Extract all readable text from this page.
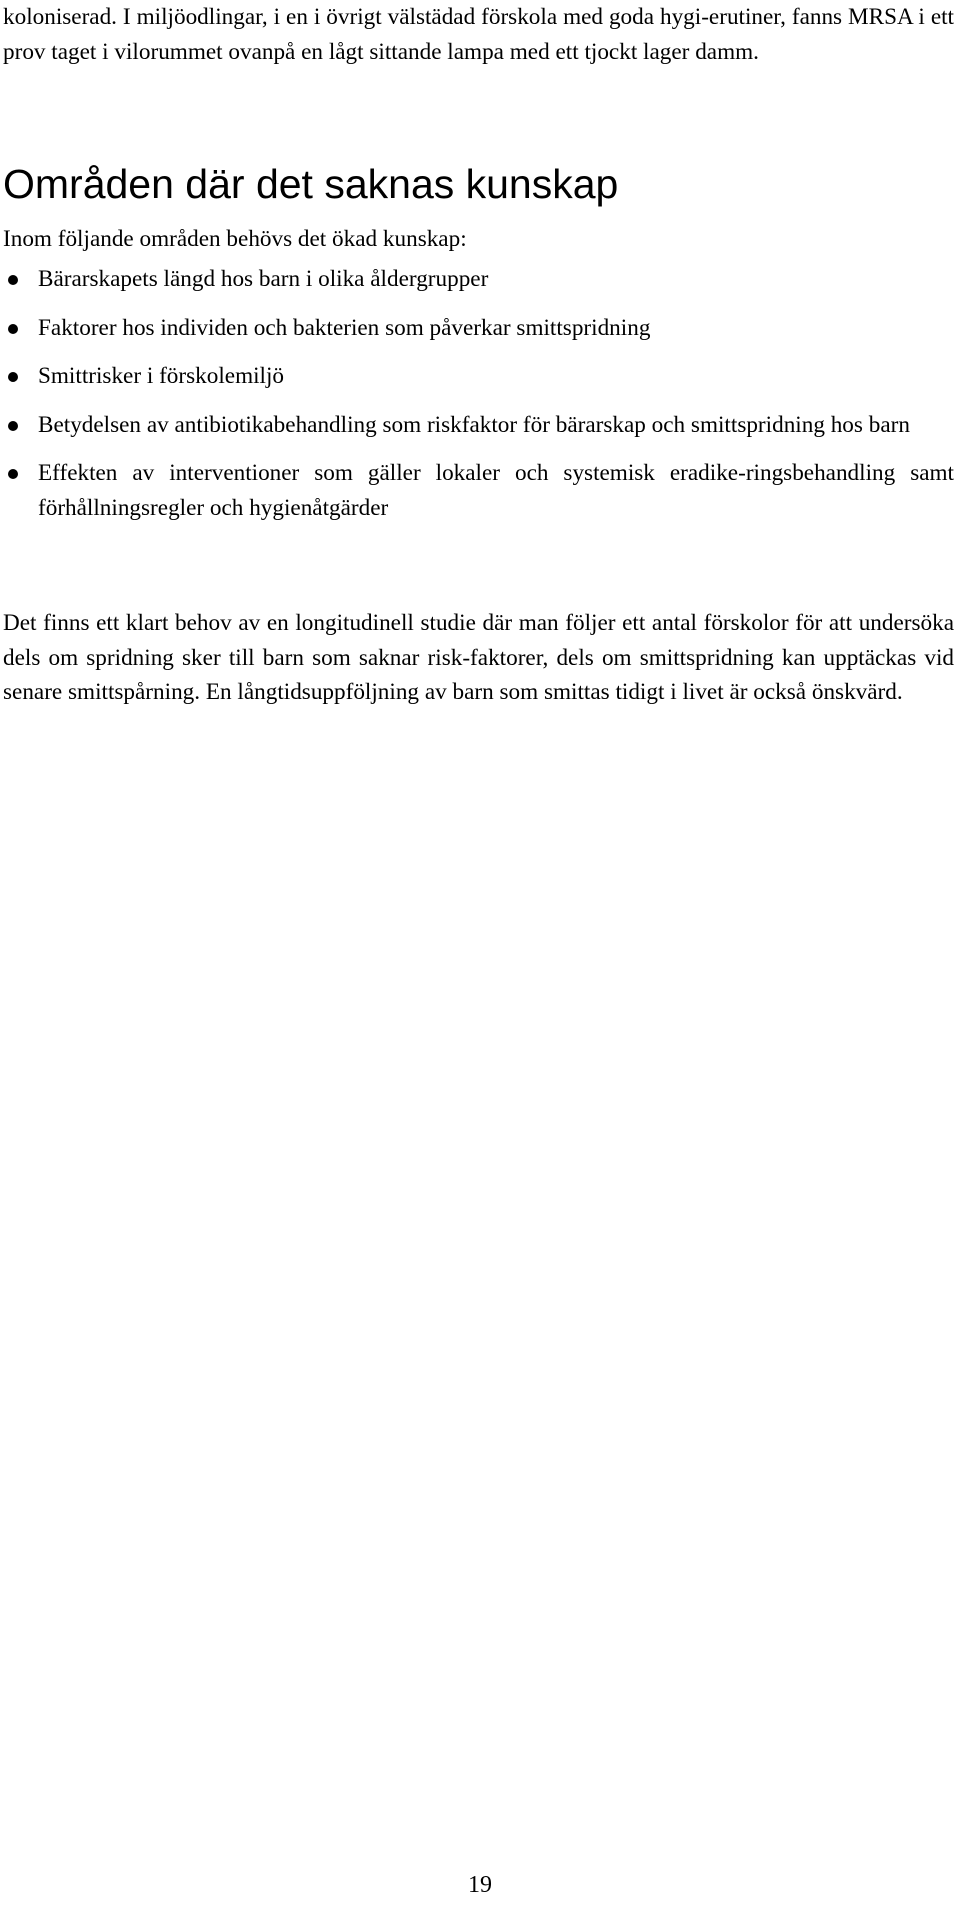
koloniserad. I miljöodlingar, i en i övrigt välstädad förskola med goda hygi-erutiner, fanns MRSA i ett prov taget i vilorummet ovanpå en lågt sittande lampa med ett tjockt lager damm.

Områden där det saknas kunskap

Inom följande områden behövs det ökad kunskap:

Bärarskapets längd hos barn i olika åldergrupper
Faktorer hos individen och bakterien som påverkar smittspridning
Smittrisker i förskolemiljö
Betydelsen av antibiotikabehandling som riskfaktor för bärarskap och smittspridning hos barn
Effekten av interventioner som gäller lokaler och systemisk eradike-ringsbehandling samt förhållningsregler och hygienåtgärder

Det finns ett klart behov av en longitudinell studie där man följer ett antal förskolor för att undersöka dels om spridning sker till barn som saknar risk-faktorer, dels om smittspridning kan upptäckas vid senare smittspårning. En långtidsuppföljning av barn som smittas tidigt i livet är också önskvärd.

19
